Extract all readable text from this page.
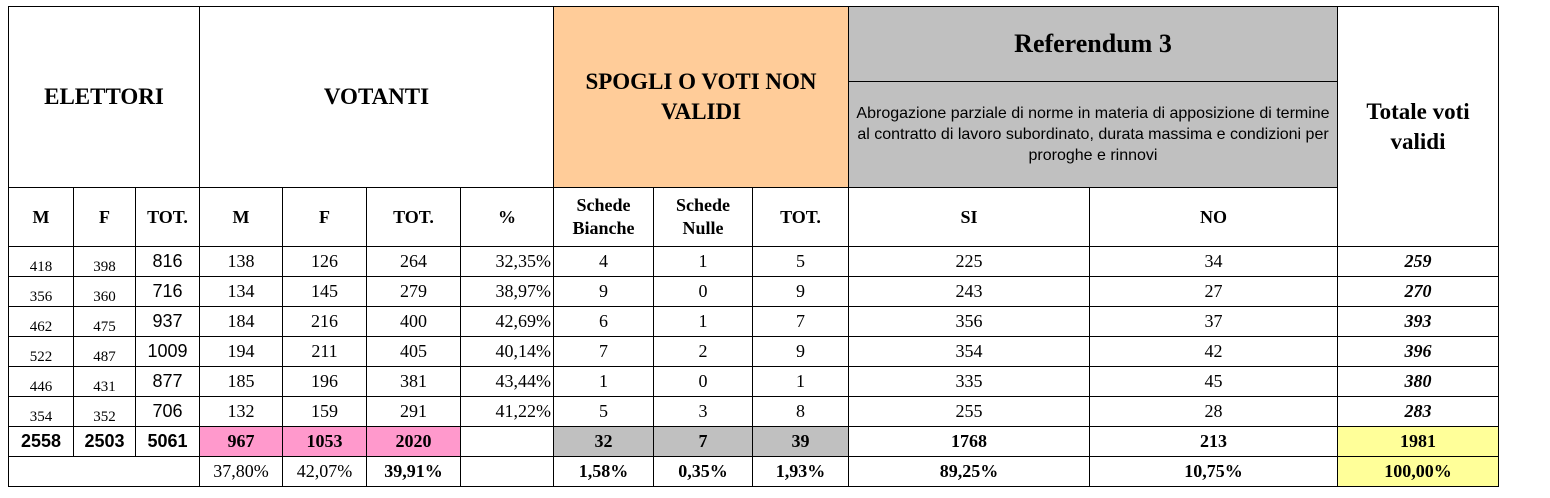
ELETTORI			VOTANTI				SPOGLI O VOTI NON VALIDI			Referendum 3		Totale voti validi
										Abrogazione parziale di norme in materia di apposizione di termine al contratto di lavoro subordinato, durata massima e condizioni per proroghe e rinnovi		
M	F	TOT.	M	F	TOT.	%	Schede Bianche	Schede Nulle	TOT.	SI	NO	
418	398	816	138	126	264	32,35%	4	1	5	225	34	259
356	360	716	134	145	279	38,97%	9	0	9	243	27	270
462	475	937	184	216	400	42,69%	6	1	7	356	37	393
522	487	1009	194	211	405	40,14%	7	2	9	354	42	396
446	431	877	185	196	381	43,44%	1	0	1	335	45	380
354	352	706	132	159	291	41,22%	5	3	8	255	28	283
2558	2503	5061	967	1053	2020		32	7	39	1768	213	1981
			37,80%	42,07%	39,91%		1,58%	0,35%	1,93%	89,25%	10,75%	100,00%
